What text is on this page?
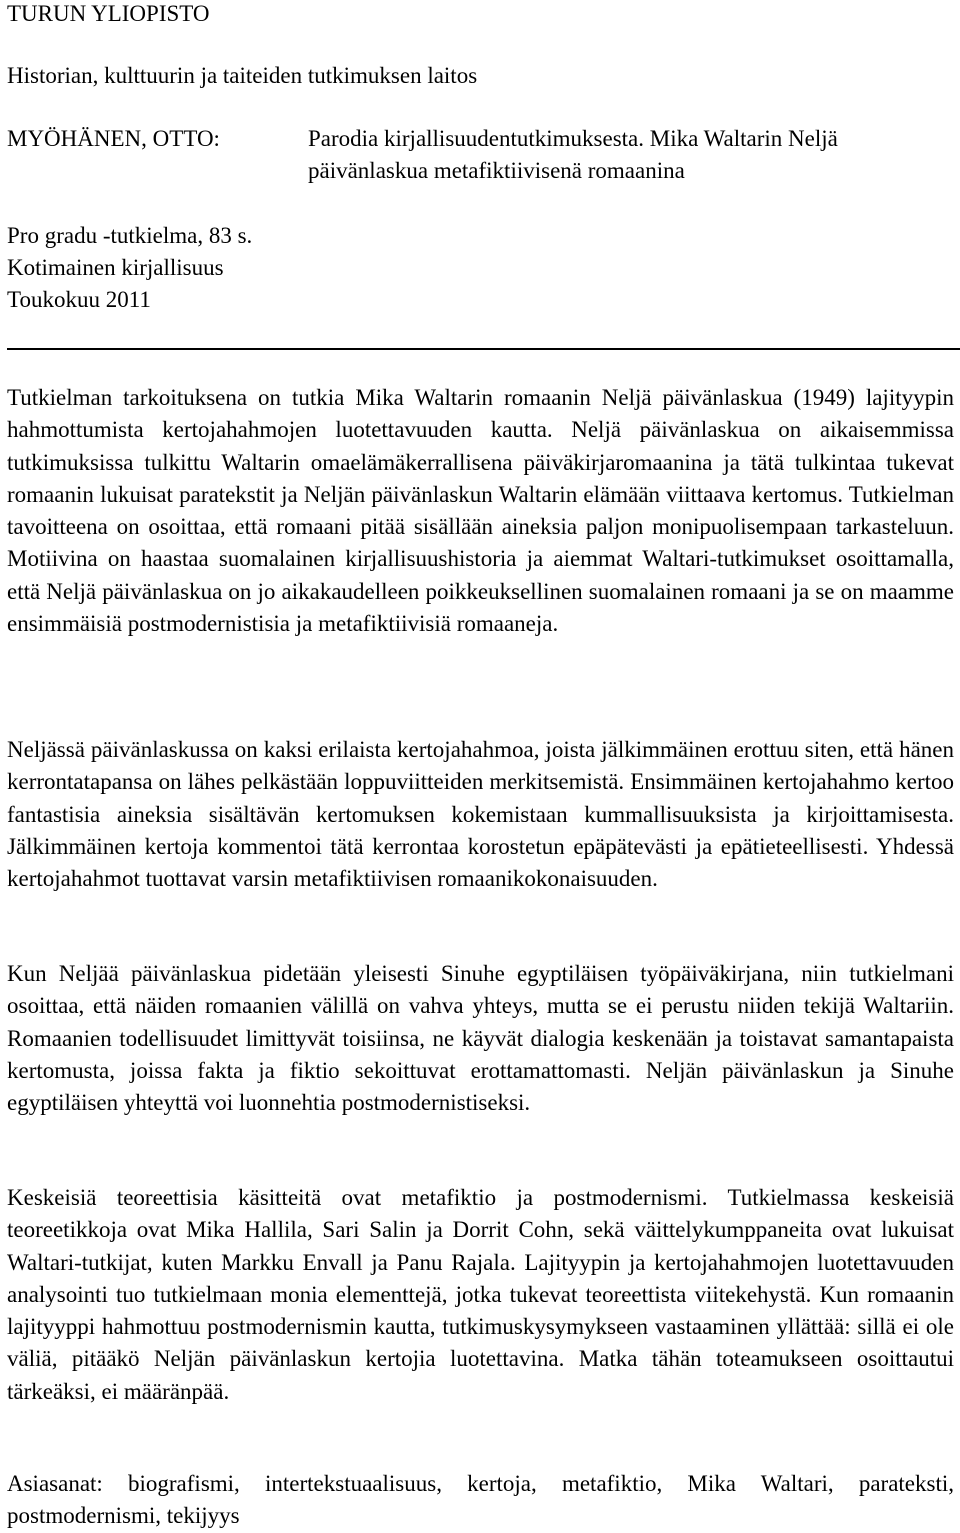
TURUN YLIOPISTO
Historian, kulttuurin ja taiteiden tutkimuksen laitos
MYÖHÄNEN, OTTO:	Parodia kirjallisuudentutkimuksesta. Mika Waltarin Neljä päivänlaskua metafiktiivisenä romaanina
Pro gradu -tutkielma, 83 s.
Kotimainen kirjallisuus
Toukokuu 2011
Tutkielman tarkoituksena on tutkia Mika Waltarin romaanin Neljä päivänlaskua (1949) lajityypin hahmottumista kertojahahmojen luotettavuuden kautta. Neljä päivänlaskua on aikaisemmissa tutkimuksissa tulkittu Waltarin omaelämäkerrallisena päiväkirjaromaanina ja tätä tulkintaa tukevat romaanin lukuisat paratekstit ja Neljän päivänlaskun Waltarin elämään viittaava kertomus. Tutkielman tavoitteena on osoittaa, että romaani pitää sisällään aineksia paljon monipuolisempaan tarkasteluun. Motiivina on haastaa suomalainen kirjallisuushistoria ja aiemmat Waltari-tutkimukset osoittamalla, että Neljä päivänlaskua on jo aikakaudelleen poikkeuksellinen suomalainen romaani ja se on maamme ensimmäisiä postmodernistisia ja metafiktiivisiä romaaneja.
Neljässä päivänlaskussa on kaksi erilaista kertojahahmoa, joista jälkimmäinen erottuu siten, että hänen kerrontatapansa on lähes pelkästään loppuviitteiden merkitsemistä. Ensimmäinen kertojahahmo kertoo fantastisia aineksia sisältävän kertomuksen kokemistaan kummallisuuksista ja kirjoittamisesta. Jälkimmäinen kertoja kommentoi tätä kerrontaa korostetun epäpätevästi ja epätieteellisesti. Yhdessä kertojahahmot tuottavat varsin metafiktiivisen romaanikokonaisuuden.
Kun Neljää päivänlaskua pidetään yleisesti Sinuhe egyptiläisen työpäiväkirjana, niin tutkielmani osoittaa, että näiden romaanien välillä on vahva yhteys, mutta se ei perustu niiden tekijä Waltariin. Romaanien todellisuudet limittyvät toisiinsa, ne käyvät dialogia keskenään ja toistavat samantapaista kertomusta, joissa fakta ja fiktio sekoittuvat erottamattomasti. Neljän päivänlaskun ja Sinuhe egyptiläisen yhteyttä voi luonnehtia postmodernistiseksi.
Keskeisiä teoreettisia käsitteitä ovat metafiktio ja postmodernismi. Tutkielmassa keskeisiä teoreetikkoja ovat Mika Hallila, Sari Salin ja Dorrit Cohn, sekä väittelykumppaneita ovat lukuisat Waltari-tutkijat, kuten Markku Envall ja Panu Rajala. Lajityypin ja kertojahahmojen luotettavuuden analysointi tuo tutkielmaan monia elementtejä, jotka tukevat teoreettista viitekehystä. Kun romaanin lajityyppi hahmottuu postmodernismin kautta, tutkimuskysymykseen vastaaminen yllättää: sillä ei ole väliä, pitääkö Neljän päivänlaskun kertojia luotettavina. Matka tähän toteamukseen osoittautui tärkeäksi, ei määränpää.
Asiasanat: biografismi, intertekstuaalisuus, kertoja, metafiktio, Mika Waltari, parateksti, postmodernismi, tekijyys
